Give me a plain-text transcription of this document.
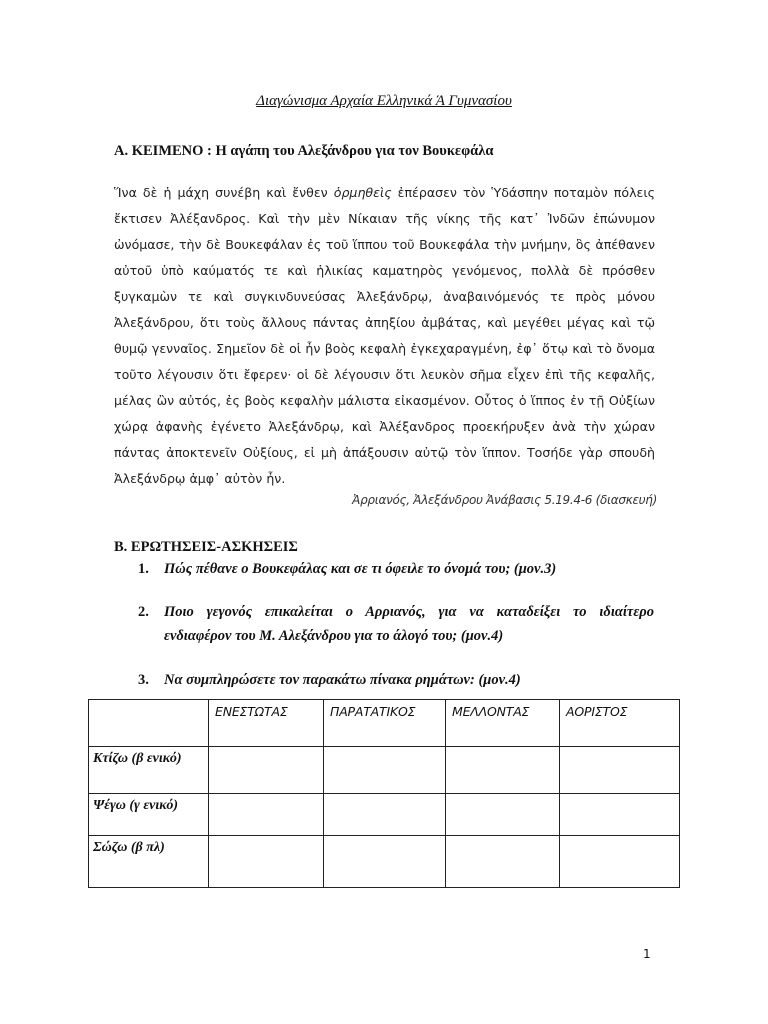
Διαγώνισμα Αρχαία Ελληνικά Ά Γυμνασίου
Α. ΚΕΙΜΕΝΟ : Η αγάπη του Αλεξάνδρου για τον Βουκεφάλα
Ἵνα δὲ ἡ μάχη συνέβη καὶ ἔνθεν ὁρμηθεὶς ἐπέρασεν τὸν Ὑδάσπην ποταμὸν πόλεις
ἔκτισεν Ἀλέξανδρος. Καὶ τὴν μὲν Νίκαιαν τῆς νίκης τῆς κατ᾽ Ἰνδῶν ἐπώνυμον
ὠνόμασε, τὴν δὲ Βουκεφάλαν ἐς τοῦ ἵππου τοῦ Βουκεφάλα τὴν μνήμην, ὃς ἀπέθανεν
αὐτοῦ ὑπὸ καύματός τε καὶ ἡλικίας καματηρὸς γενόμενος, πολλὰ δὲ πρόσθεν
ξυγκαμὼν τε καὶ συγκινδυνεύσας Ἀλεξάνδρῳ, ἀναβαινόμενός τε πρὸς μόνου
Ἀλεξάνδρου, ὅτι τοὺς ἄλλους πάντας ἀπηξίου ἀμβάτας, καὶ μεγέθει μέγας καὶ τῷ
θυμῷ γενναῖος. Σημεῖον δὲ οἱ ἦν βοὸς κεφαλὴ ἐγκεχαραγμένη, ἐφ᾽ ὅτῳ καὶ τὸ ὄνομα
τοῦτο λέγουσιν ὅτι ἔφερεν· οἱ δὲ λέγουσιν ὅτι λευκὸν σῆμα εἶχεν ἐπὶ τῆς κεφαλῆς,
μέλας ὢν αὐτός, ἐς βοὸς κεφαλὴν μάλιστα εἰκασμένον. Οὗτος ὁ ἵππος ἐν τῇ Οὐξίων
χώρᾳ ἀφανὴς ἐγένετο Ἀλεξάνδρῳ, καὶ Ἀλέξανδρος προεκήρυξεν ἀνὰ τὴν χώραν
πάντας ἀποκτενεῖν Οὐξίους, εἰ μὴ ἀπάξουσιν αὐτῷ τὸν ἵππον. Τοσήδε γὰρ σπουδὴ
Ἀλεξάνδρῳ ἀμφ᾽ αὐτὸν ἦν.
Ἀρριανός, Ἀλεξάνδρου Ἀνάβασις 5.19.4-6 (διασκευή)
Β. ΕΡΩΤΗΣΕΙΣ-ΑΣΚΗΣΕΙΣ
1. Πώς πέθανε ο Βουκεφάλας και σε τι όφειλε το όνομά του; (μον.3)
2. Ποιο γεγονός επικαλείται ο Αρριανός, για να καταδείξει το ιδιαίτερο
ενδιαφέρον του Μ. Αλεξάνδρου για το άλογό του; (μον.4)
3. Να συμπληρώσετε τον παρακάτω πίνακα ρημάτων: (μον.4)
	ΕΝΕΣΤΩΤΑΣ	ΠΑΡΑΤΑΤΙΚΟΣ	ΜΕΛΛΟΝΤΑΣ	ΑΟΡΙΣΤΟΣ
Κτίζω (β ενικό)				
Ψέγω (γ ενικό)				
Σώζω (β πλ)				
1
